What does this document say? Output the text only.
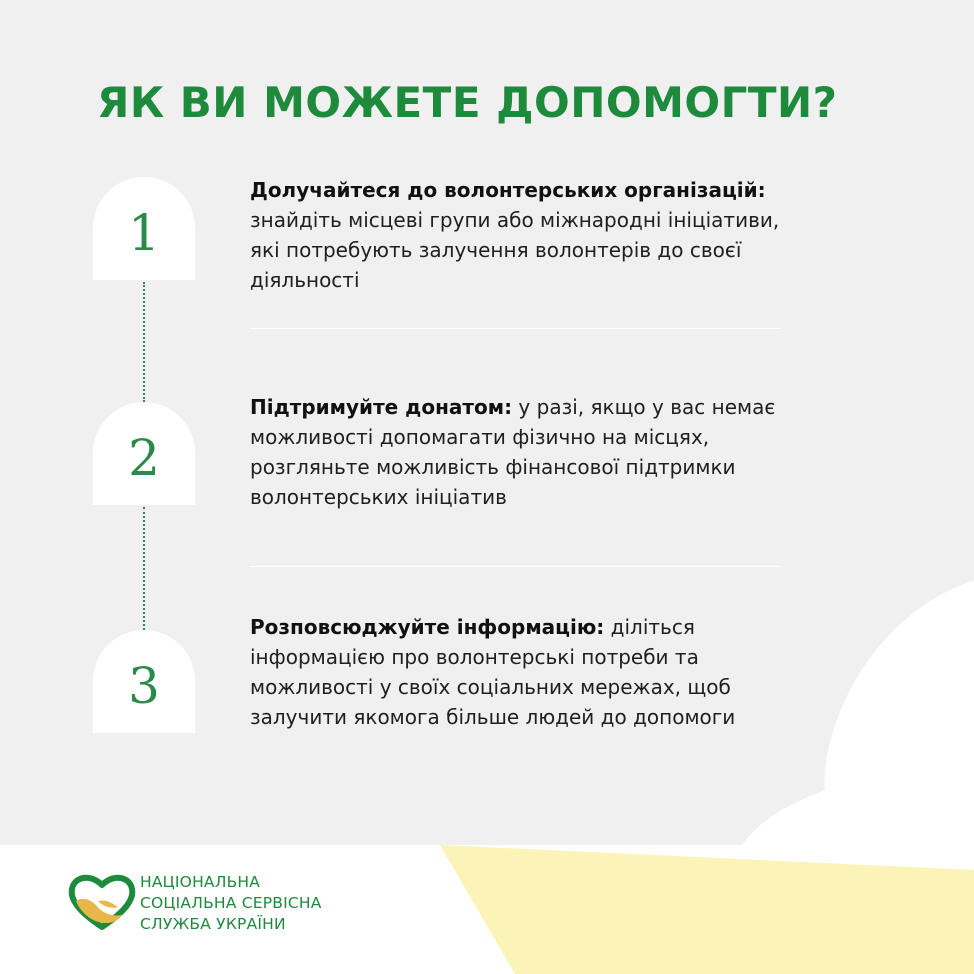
ЯК ВИ МОЖЕТЕ ДОПОМОГТИ?
1

Долучайтеся до волонтерських організацій: знайдіть місцеві групи або міжнародні ініціативи, які потребують залучення волонтерів до своєї діяльності

2

Підтримуйте донатом: у разі, якщо у вас немає можливості допомагати фізично на місцях, розгляньте можливість фінансової підтримки волонтерських ініціатив

3

Розповсюджуйте інформацію: діліться інформацією про волонтерські потреби та можливості у своїх соціальних мережах, щоб залучити якомога більше людей до допомоги

НАЦІОНАЛЬНА
СОЦІАЛЬНА СЕРВІСНА
СЛУЖБА УКРАЇНИ
